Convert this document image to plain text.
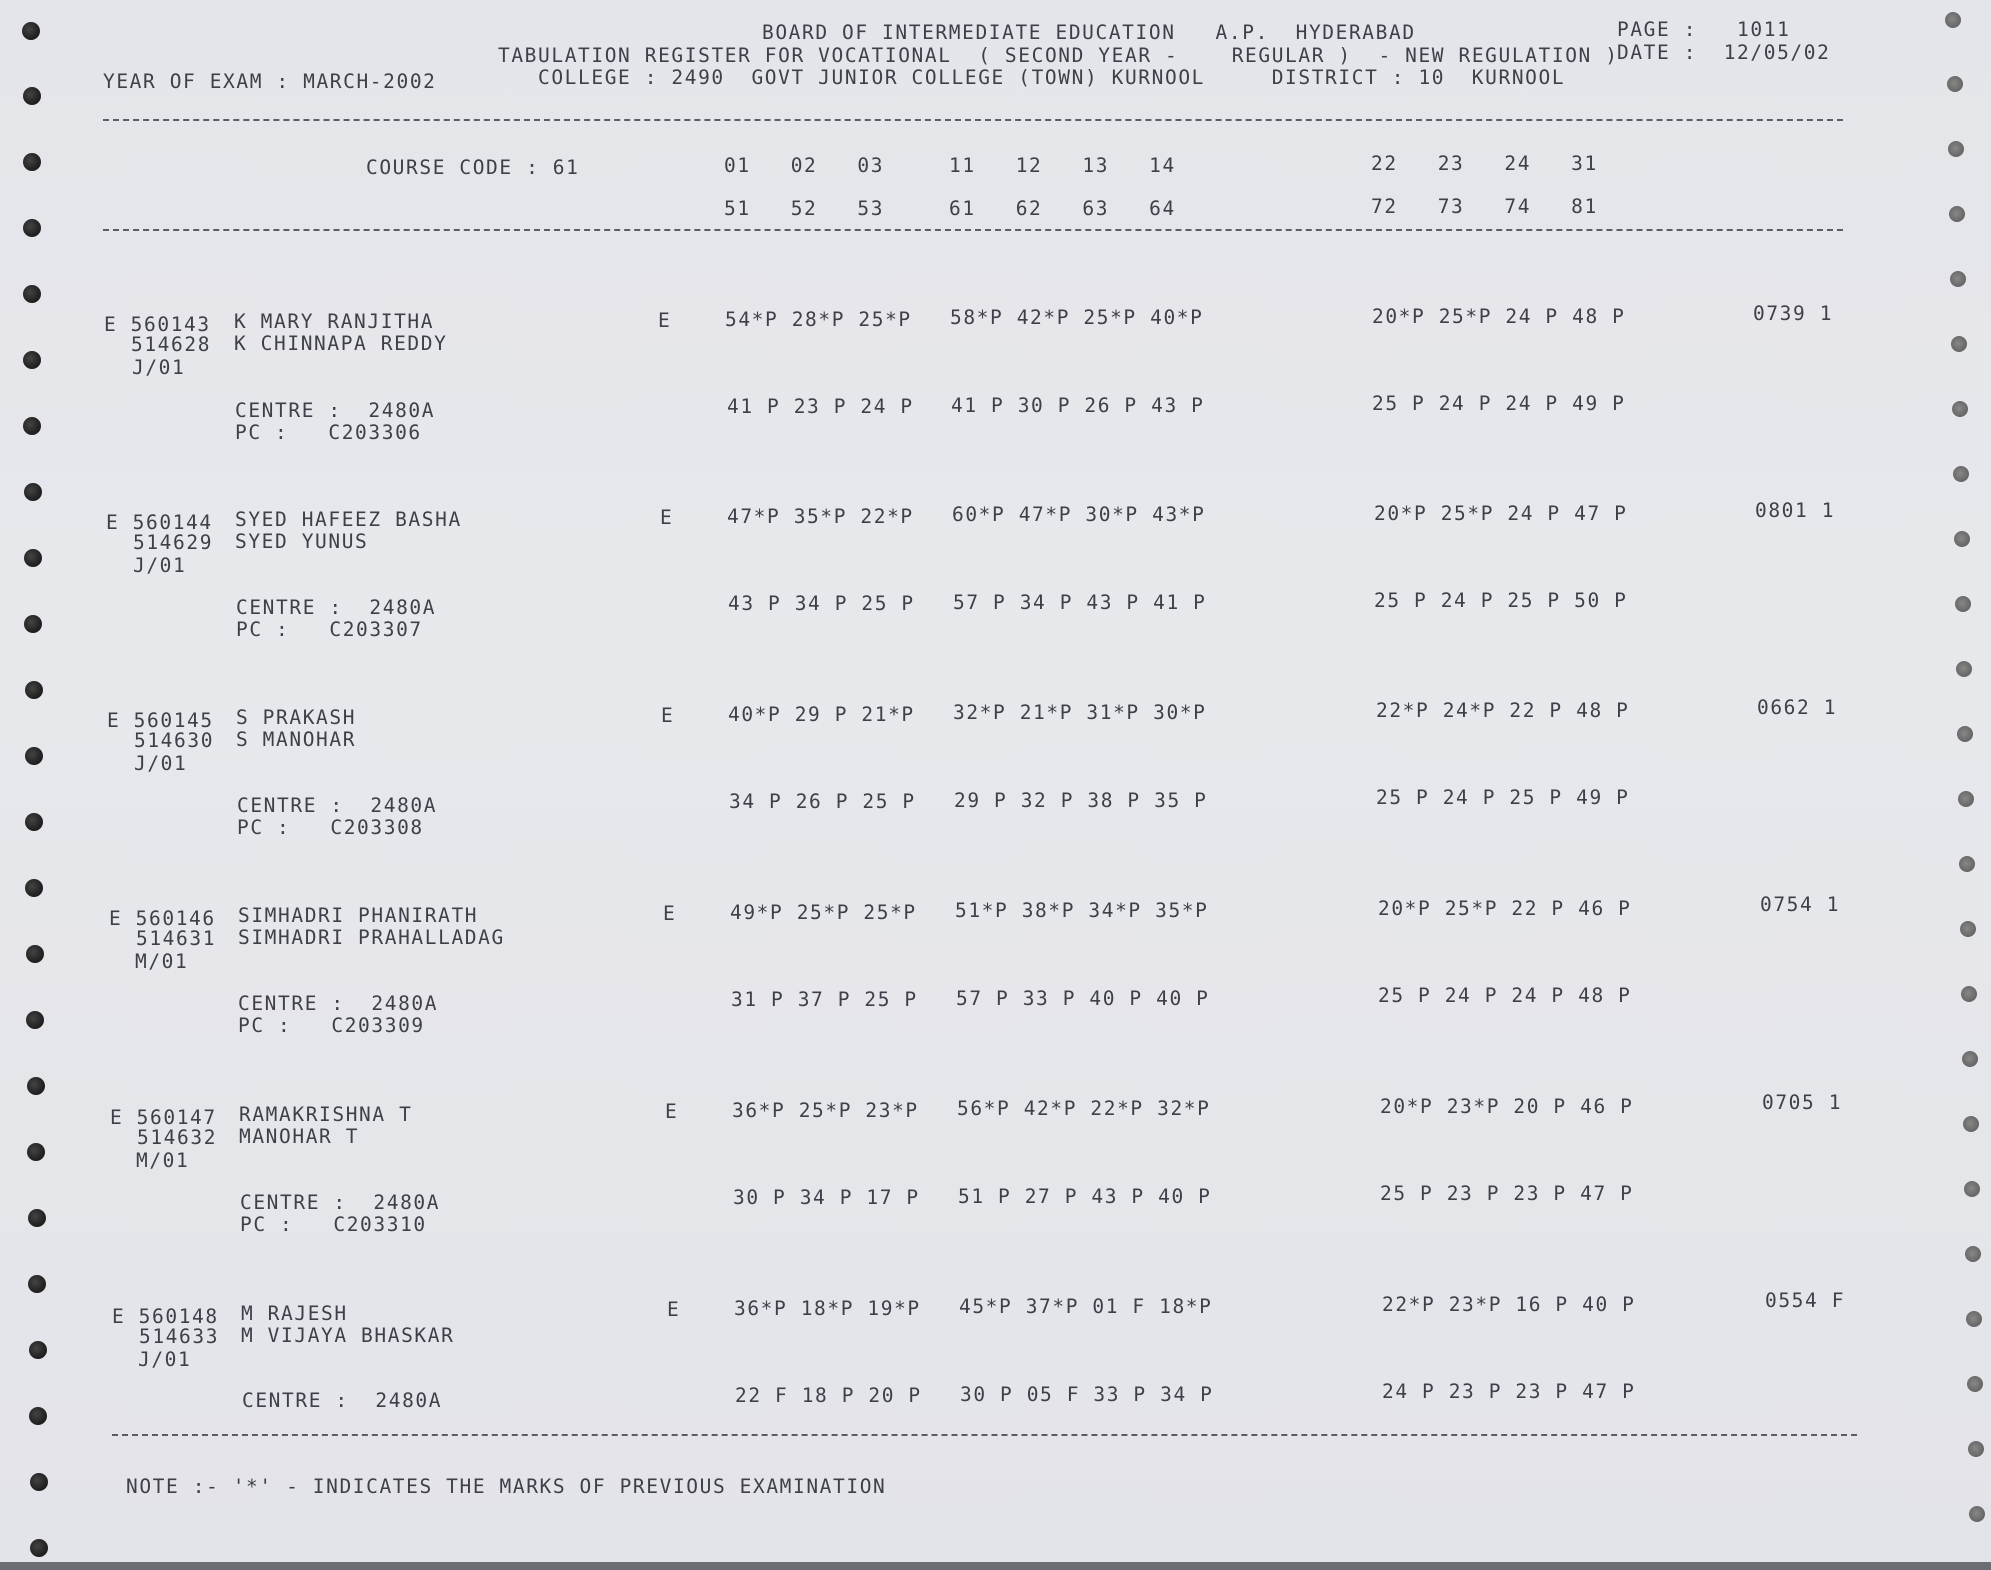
BOARD OF INTERMEDIATE EDUCATION   A.P.  HYDERABAD	PAGE :   1011
TABULATION REGISTER FOR VOCATIONAL  ( SECOND YEAR -    REGULAR )  - NEW REGULATION )
DATE :  12/05/02
YEAR OF EXAM : MARCH-2002	COLLEGE : 2490  GOVT JUNIOR COLLEGE (TOWN) KURNOOL     DISTRICT : 10  KURNOOL
COURSE CODE : 61	01   02   03	11   12   13   14	22   23   24   31
51   52   53	61   62   63   64	72   73   74   81
E 560143 K MARY RANJITHA
514628 K CHINNAPA REDDY
J/01
E	54*P 28*P 25*P 58*P 42*P 25*P 40*P	20*P 25*P 24 P 48 P	0739 1
CENTRE :  2480A
PC :   C203306
41 P 23 P 24 P 41 P 30 P 26 P 43 P	25 P 24 P 24 P 49 P
E 560144 SYED HAFEEZ BASHA
514629 SYED YUNUS
J/01
E	47*P 35*P 22*P 60*P 47*P 30*P 43*P	20*P 25*P 24 P 47 P	0801 1
CENTRE :  2480A
PC :   C203307
43 P 34 P 25 P 57 P 34 P 43 P 41 P	25 P 24 P 25 P 50 P
E 560145 S PRAKASH
514630 S MANOHAR
J/01
E	40*P 29 P 21*P 32*P 21*P 31*P 30*P	22*P 24*P 22 P 48 P	0662 1
CENTRE :  2480A
PC :   C203308
34 P 26 P 25 P 29 P 32 P 38 P 35 P	25 P 24 P 25 P 49 P
E 560146 SIMHADRI PHANIRATH
514631 SIMHADRI PRAHALLADAG
M/01
E	49*P 25*P 25*P 51*P 38*P 34*P 35*P	20*P 25*P 22 P 46 P	0754 1
CENTRE :  2480A
PC :   C203309
31 P 37 P 25 P 57 P 33 P 40 P 40 P	25 P 24 P 24 P 48 P
E 560147 RAMAKRISHNA T
514632 MANOHAR T
M/01
E	36*P 25*P 23*P 56*P 42*P 22*P 32*P	20*P 23*P 20 P 46 P	0705 1
CENTRE :  2480A
PC :   C203310
30 P 34 P 17 P 51 P 27 P 43 P 40 P	25 P 23 P 23 P 47 P
E 560148 M RAJESH
514633 M VIJAYA BHASKAR
J/01
E	36*P 18*P 19*P 45*P 37*P 01 F 18*P	22*P 23*P 16 P 40 P	0554 F
CENTRE :  2480A	22 F 18 P 20 P 30 P 05 F 33 P 34 P	24 P 23 P 23 P 47 P
NOTE :- '*' - INDICATES THE MARKS OF PREVIOUS EXAMINATION
